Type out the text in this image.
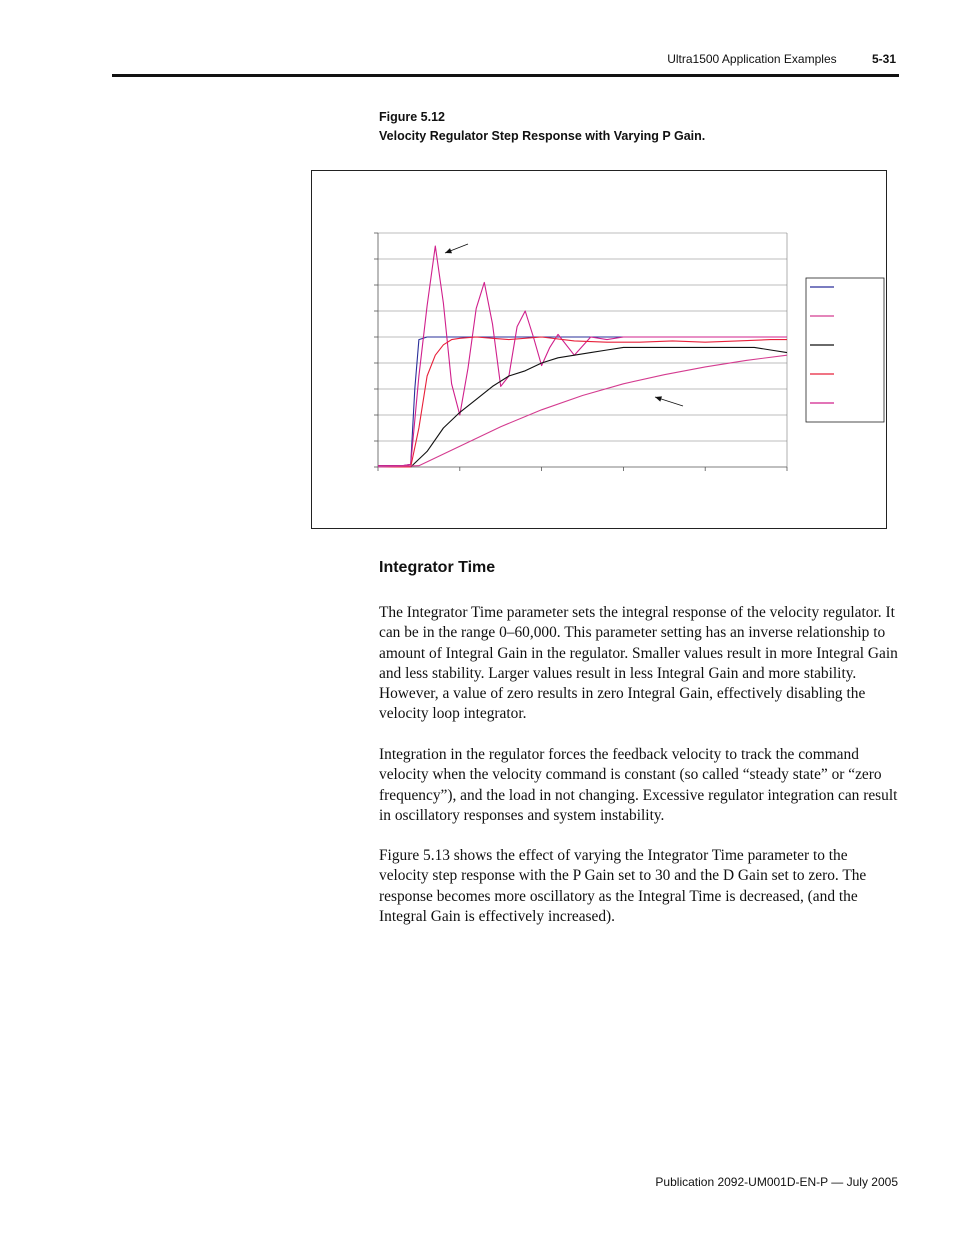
Ultra1500 Application Examples	5-31
Figure 5.12
Velocity Regulator Step Response with Varying P Gain.
Integrator Time

The Integrator Time parameter sets the integral response of the velocity regulator. It can be in the range 0–60,000. This parameter setting has an inverse relationship to amount of Integral Gain in the regulator. Smaller values result in more Integral Gain and less stability. Larger values result in less Integral Gain and more stability. However, a value of zero results in zero Integral Gain, effectively disabling the velocity loop integrator.

Integration in the regulator forces the feedback velocity to track the command velocity when the velocity command is constant (so called “steady state” or “zero frequency”), and the load in not changing. Excessive regulator integration can result in oscillatory responses and system instability.

Figure 5.13 shows the effect of varying the Integrator Time parameter to the velocity step response with the P Gain set to 30 and the D Gain set to zero. The response becomes more oscillatory as the Integral Time is decreased, (and the Integral Gain is effectively increased).

Publication 2092-UM001D-EN-P — July 2005
